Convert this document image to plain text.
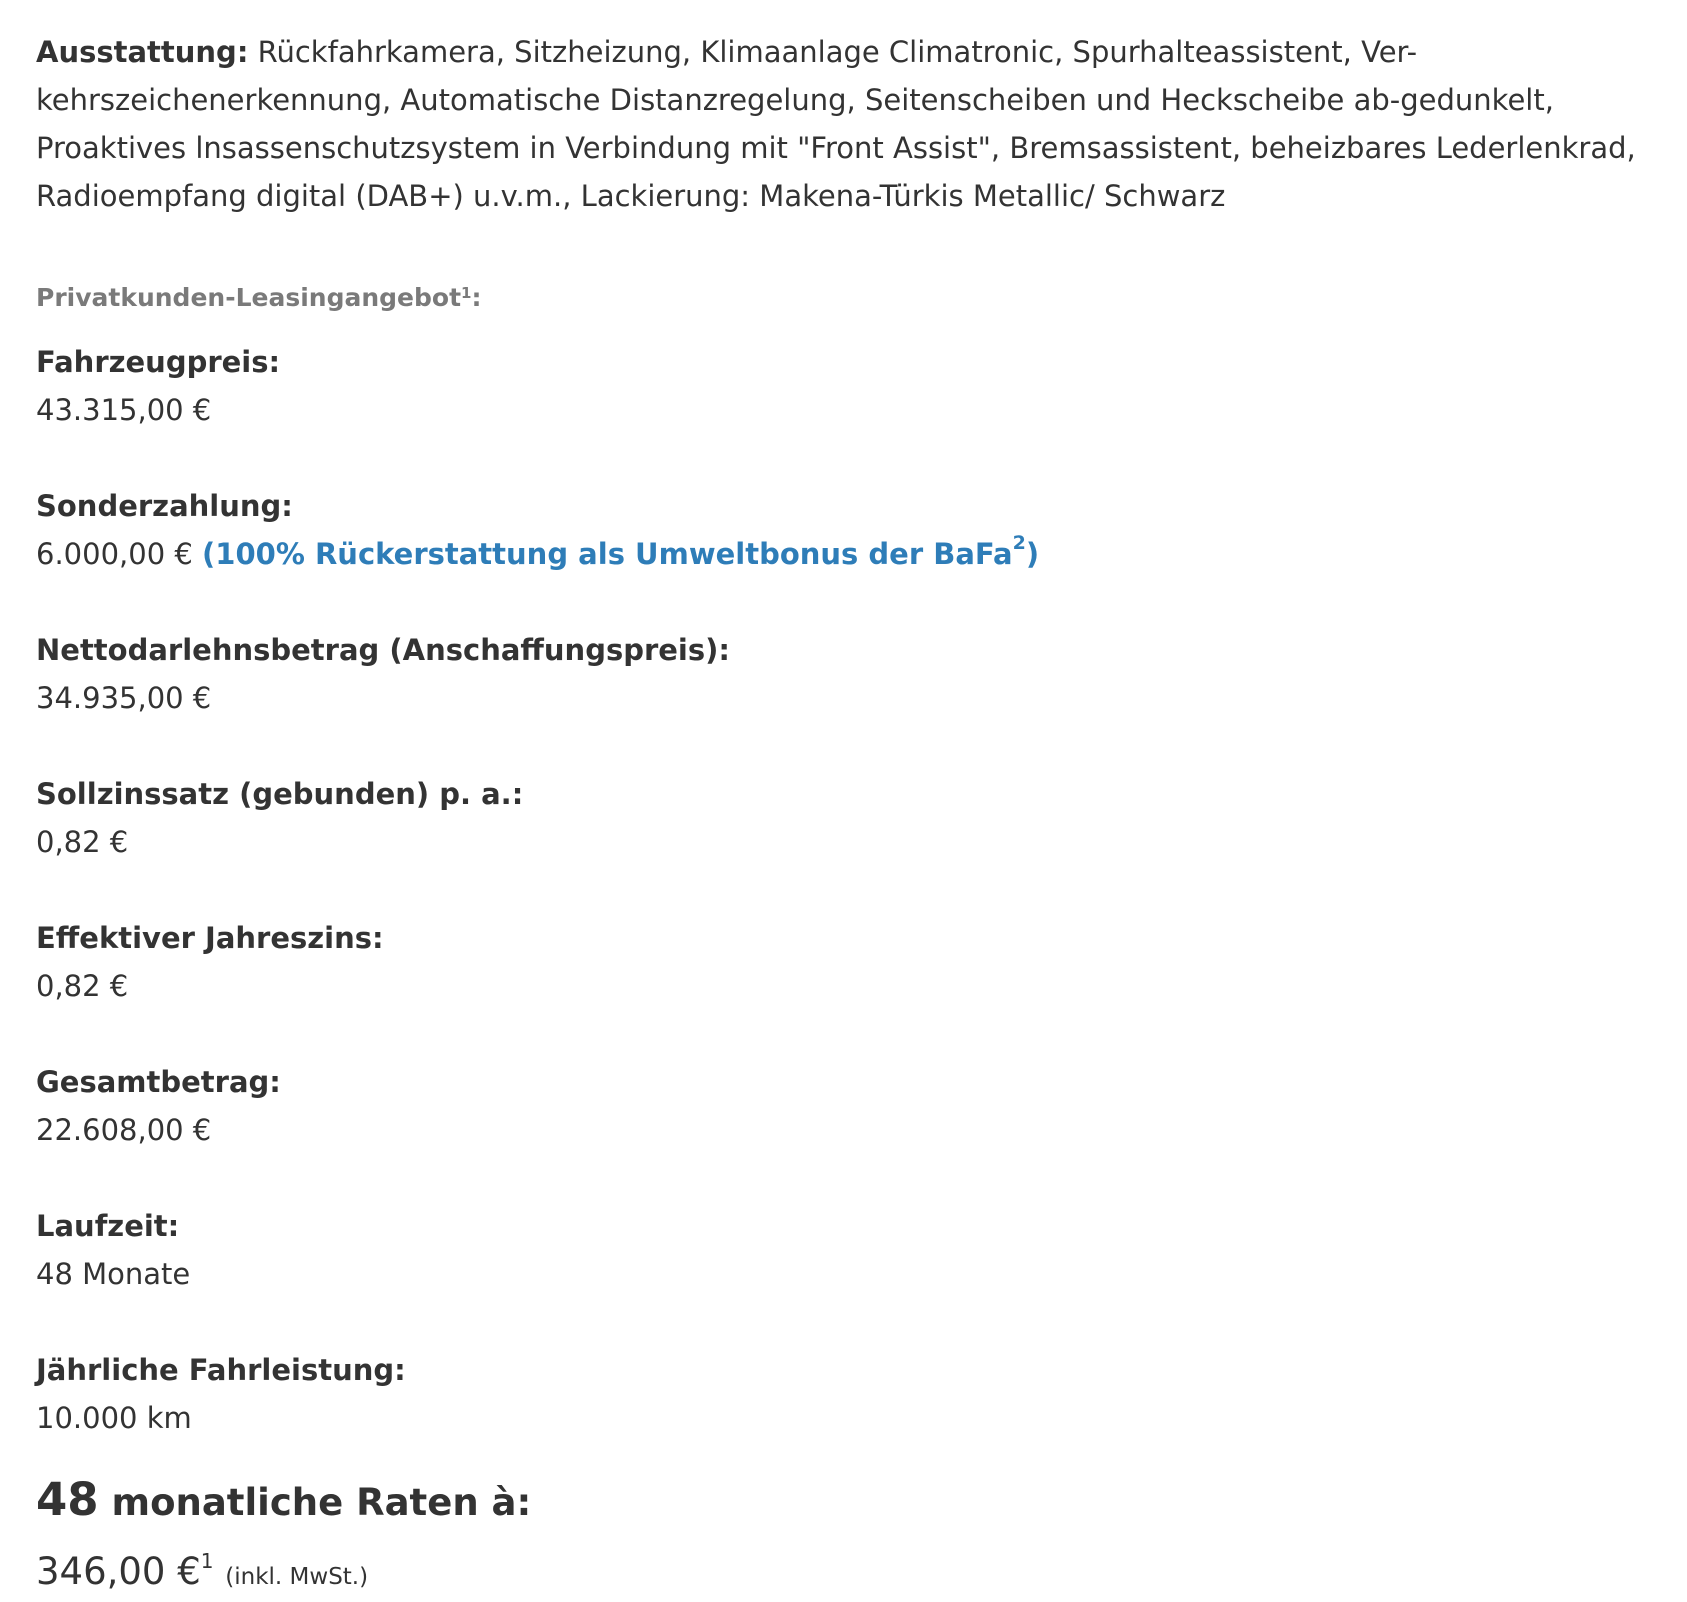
Ausstattung: Rückfahrkamera, Sitzheizung, Klimaanlage Climatronic, Spurhalteassistent, Ver-kehrszeichenerkennung, Automatische Distanzregelung, Seitenscheiben und Heckscheibe ab-gedunkelt, Proaktives lnsassenschutzsystem in Verbindung mit "Front Assist", Bremsassistent, beheizbares Lederlenkrad, Radioempfang digital (DAB+) u.v.m., Lackierung: Makena-Türkis Metallic/ Schwarz

Privatkunden-Leasingangebot$^1$:
Fahrzeugpreis:
43.315,00 €
Sonderzahlung:
6.000,00 € (100% Rückerstattung als Umweltbonus der BaFa$^2$)
Nettodarlehnsbetrag (Anschaffungspreis):
34.935,00 €
Sollzinssatz (gebunden) p. a.:
0,82 €
Effektiver Jahreszins:
0,82 €
Gesamtbetrag:
22.608,00 €
Laufzeit:
48 Monate
Jährliche Fahrleistung:
10.000 km
48 monatliche Raten à:
346,00 €$^1$ (inkl. MwSt.)
